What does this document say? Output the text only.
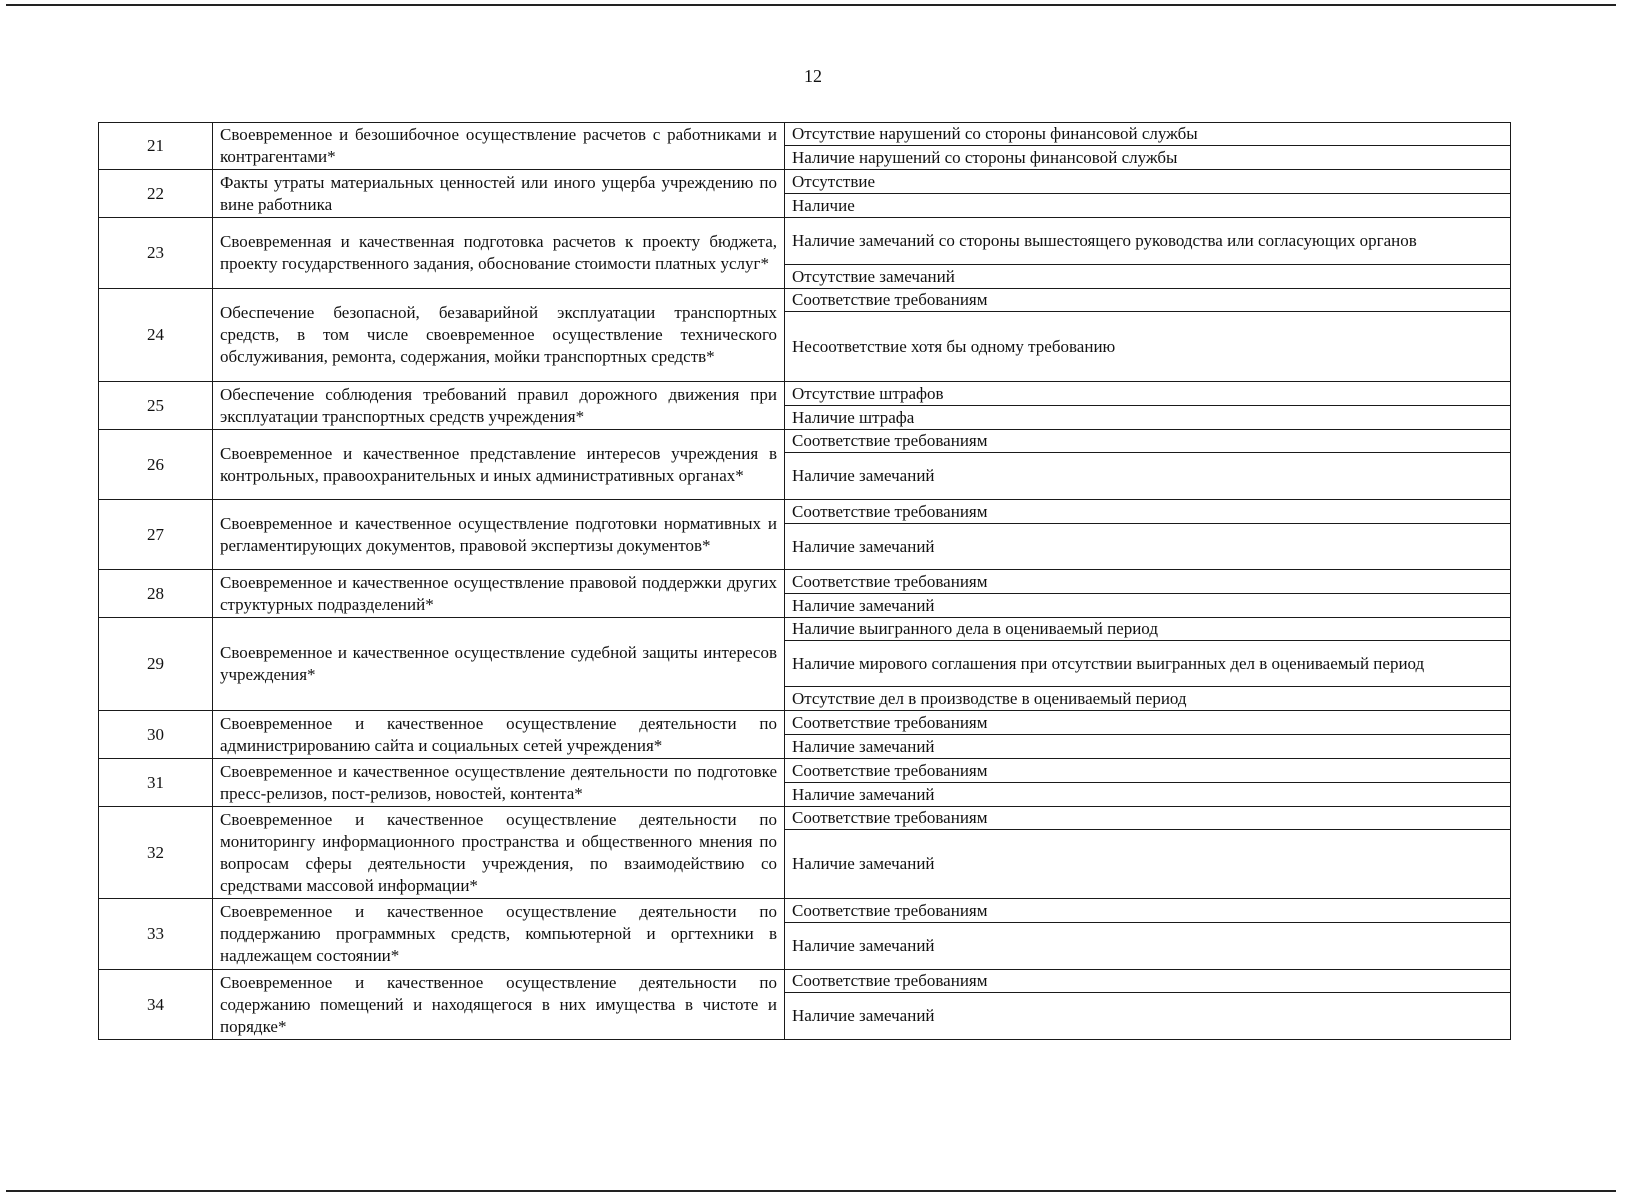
12
21	Своевременное и безошибочное осуществление расчетов с работниками и контрагентами*	Отсутствие нарушений со стороны финансовой службы
		Наличие нарушений со стороны финансовой службы
22	Факты утраты материальных ценностей или иного ущерба учреждению по вине работника	Отсутствие
		Наличие
23	Своевременная и качественная подготовка расчетов к проекту бюджета, проекту государственного задания, обоснование стоимости платных услуг*	Наличие замечаний со стороны вышестоящего руководства или согласующих органов
		Отсутствие замечаний
24	Обеспечение безопасной, безаварийной эксплуатации транспортных средств, в том числе своевременное осуществление технического обслуживания, ремонта, содержания, мойки транспортных средств*	Соответствие требованиям
		Несоответствие хотя бы одному требованию
25	Обеспечение соблюдения требований правил дорожного движения при эксплуатации транспортных средств учреждения*	Отсутствие штрафов
		Наличие штрафа
26	Своевременное и качественное представление интересов учреждения в контрольных, правоохранительных и иных административных органах*	Соответствие требованиям
		Наличие замечаний
27	Своевременное и качественное осуществление подготовки нормативных и регламентирующих документов, правовой экспертизы документов*	Соответствие требованиям
		Наличие замечаний
28	Своевременное и качественное осуществление правовой поддержки других структурных подразделений*	Соответствие требованиям
		Наличие замечаний
29	Своевременное и качественное осуществление судебной защиты интересов учреждения*	Наличие выигранного дела в оцениваемый период
		Наличие мирового соглашения при отсутствии выигранных дел в оцениваемый период
		Отсутствие дел в производстве в оцениваемый период
30	Своевременное и качественное осуществление деятельности по администрированию сайта и социальных сетей учреждения*	Соответствие требованиям
		Наличие замечаний
31	Своевременное и качественное осуществление деятельности по подготовке пресс-релизов, пост-релизов, новостей, контента*	Соответствие требованиям
		Наличие замечаний
32	Своевременное и качественное осуществление деятельности по мониторингу информационного пространства и общественного мнения по вопросам сферы деятельности учреждения, по взаимодействию со средствами массовой информации*	Соответствие требованиям
		Наличие замечаний
33	Своевременное и качественное осуществление деятельности по поддержанию программных средств, компьютерной и оргтехники в надлежащем состоянии*	Соответствие требованиям
		Наличие замечаний
34	Своевременное и качественное осуществление деятельности по содержанию помещений и находящегося в них имущества в чистоте и порядке*	Соответствие требованиям
		Наличие замечаний
